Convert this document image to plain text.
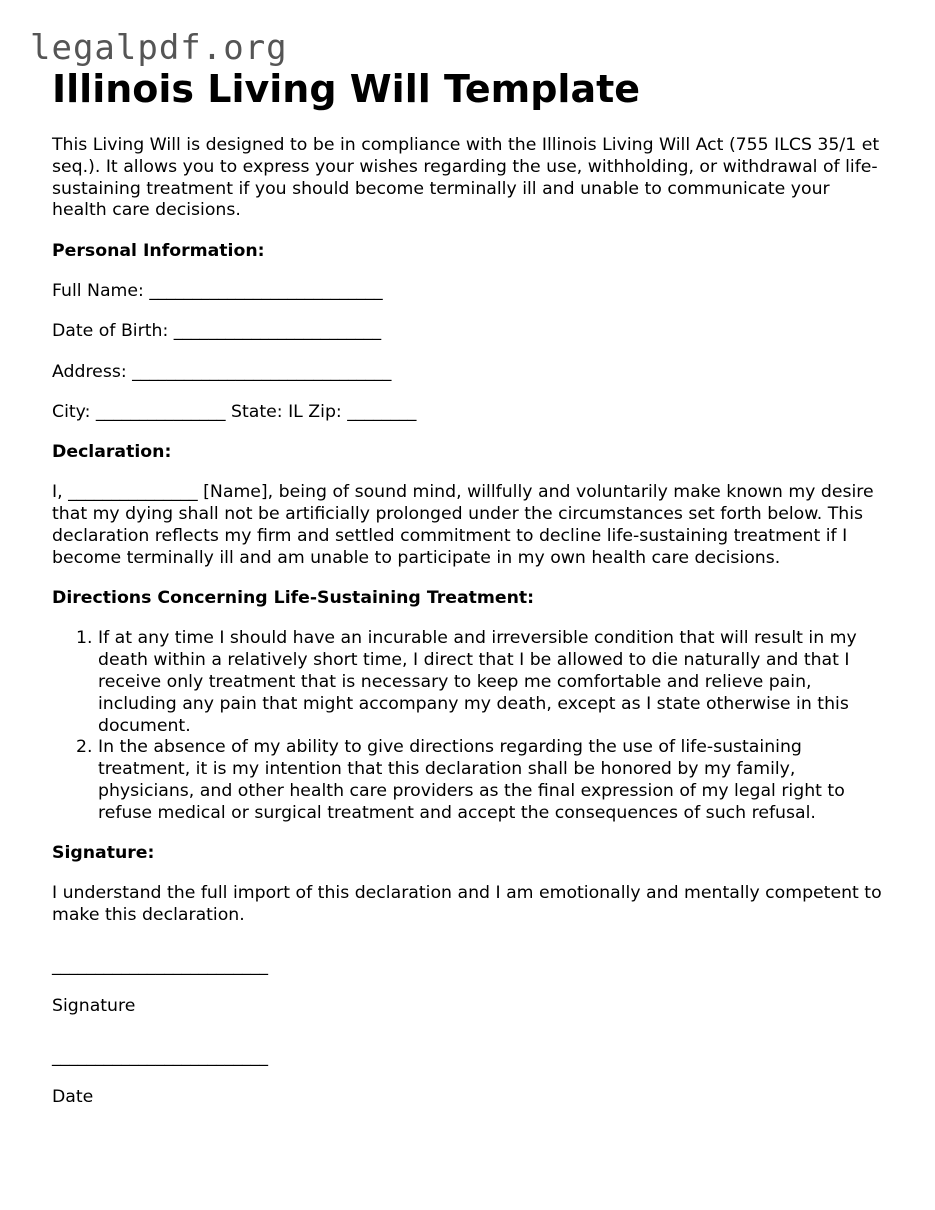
legalpdf.org
Illinois Living Will Template

This Living Will is designed to be in compliance with the Illinois Living Will Act (755 ILCS 35/1 et seq.). It allows you to express your wishes regarding the use, withholding, or withdrawal of life-sustaining treatment if you should become terminally ill and unable to communicate your health care decisions.

Personal Information:

Full Name: ___________________________

Date of Birth: ________________________

Address: ______________________________

City: _______________ State: IL Zip: ________

Declaration:

I, _______________ [Name], being of sound mind, willfully and voluntarily make known my desire that my dying shall not be artificially prolonged under the circumstances set forth below. This declaration reflects my firm and settled commitment to decline life-sustaining treatment if I become terminally ill and am unable to participate in my own health care decisions.

Directions Concerning Life-Sustaining Treatment:

1. If at any time I should have an incurable and irreversible condition that will result in my death within a relatively short time, I direct that I be allowed to die naturally and that I receive only treatment that is necessary to keep me comfortable and relieve pain, including any pain that might accompany my death, except as I state otherwise in this document.
2. In the absence of my ability to give directions regarding the use of life-sustaining treatment, it is my intention that this declaration shall be honored by my family, physicians, and other health care providers as the final expression of my legal right to refuse medical or surgical treatment and accept the consequences of such refusal.

Signature:

I understand the full import of this declaration and I am emotionally and mentally competent to make this declaration.

_________________________

Signature

_________________________

Date
